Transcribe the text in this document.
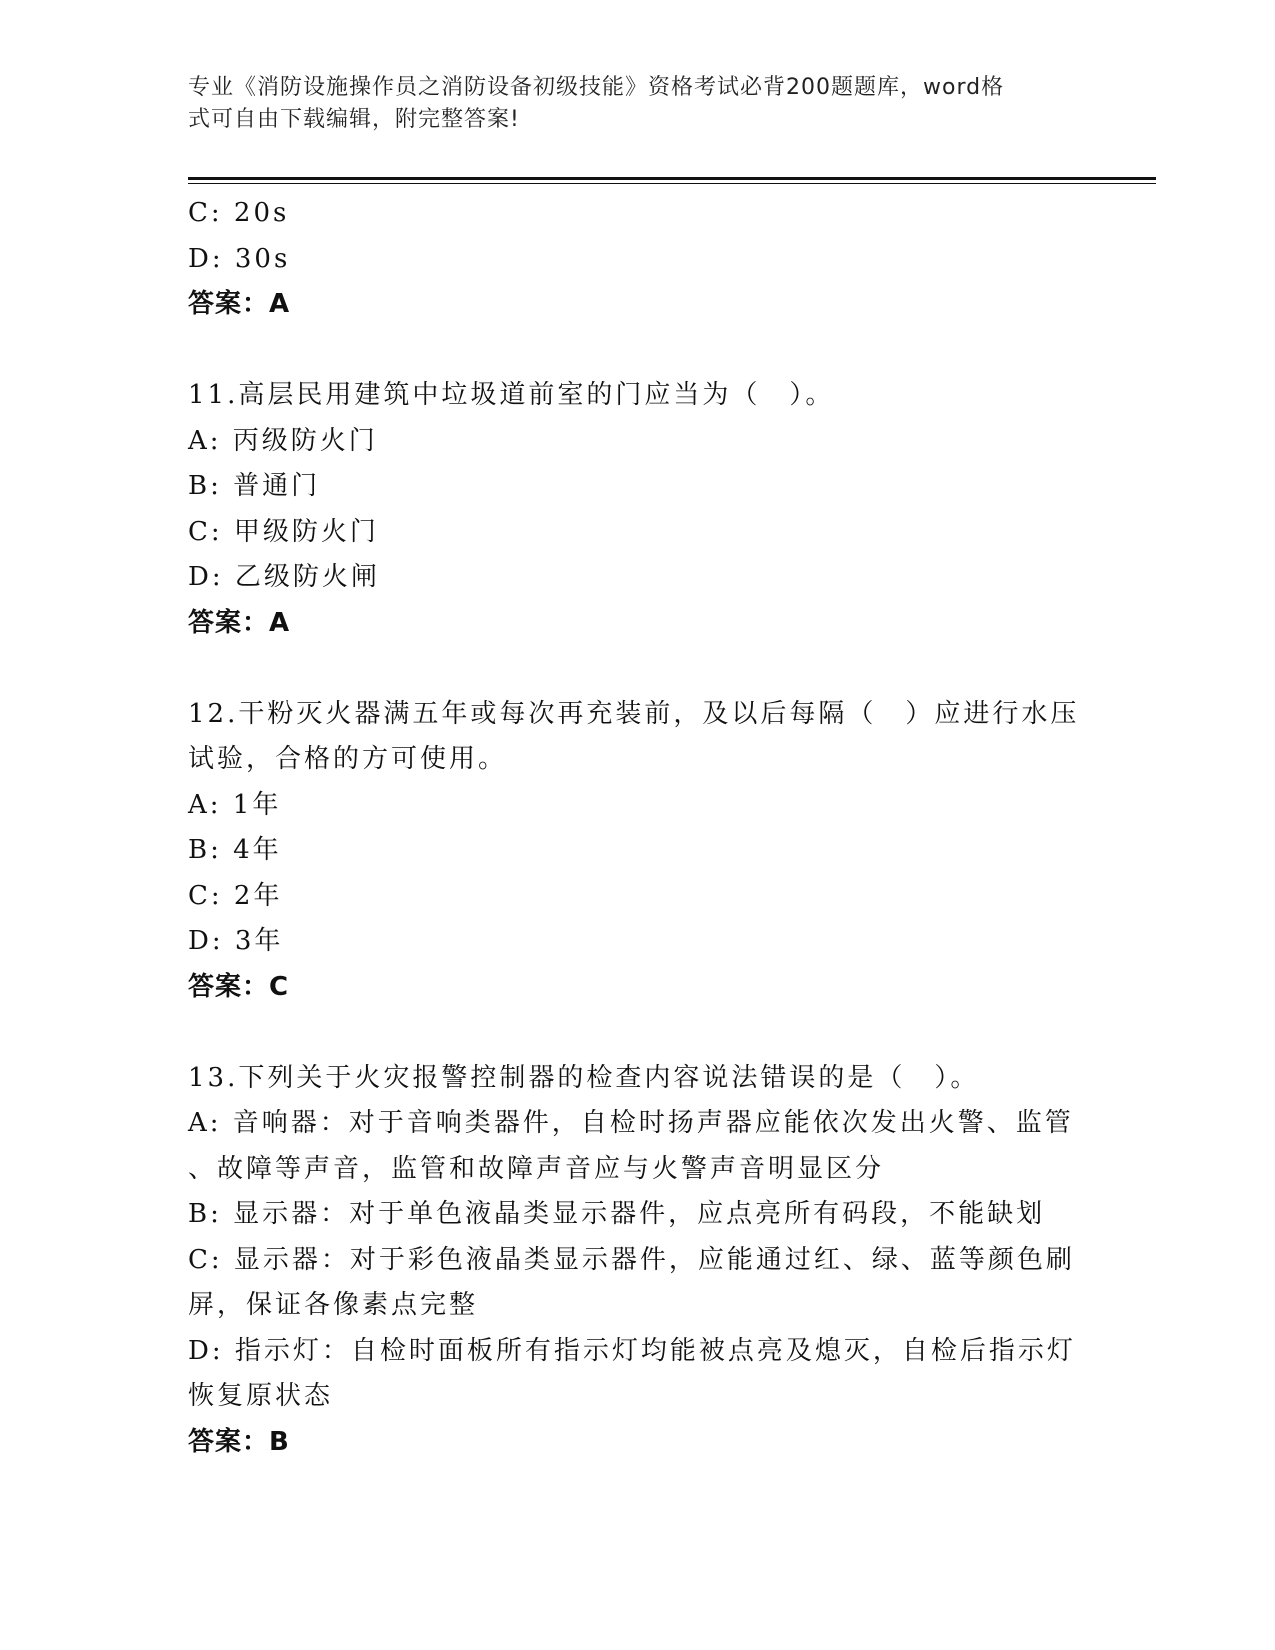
专业《消防设施操作员之消防设备初级技能》资格考试必背200题题库，word格
式可自由下载编辑，附完整答案!
C: 20s
D: 30s
答案：A
11.高层民用建筑中垃圾道前室的门应当为（　）。
A: 丙级防火门
B: 普通门
C: 甲级防火门
D: 乙级防火闸
答案：A
12.干粉灭火器满五年或每次再充装前，及以后每隔（　）应进行水压
试验，合格的方可使用。
A: 1年
B: 4年
C: 2年
D: 3年
答案：C
13.下列关于火灾报警控制器的检查内容说法错误的是（　）。
A: 音响器：对于音响类器件，自检时扬声器应能依次发出火警、监管
、故障等声音，监管和故障声音应与火警声音明显区分
B: 显示器：对于单色液晶类显示器件，应点亮所有码段，不能缺划
C: 显示器：对于彩色液晶类显示器件，应能通过红、绿、蓝等颜色刷
屏，保证各像素点完整
D: 指示灯：自检时面板所有指示灯均能被点亮及熄灭，自检后指示灯
恢复原状态
答案：B
